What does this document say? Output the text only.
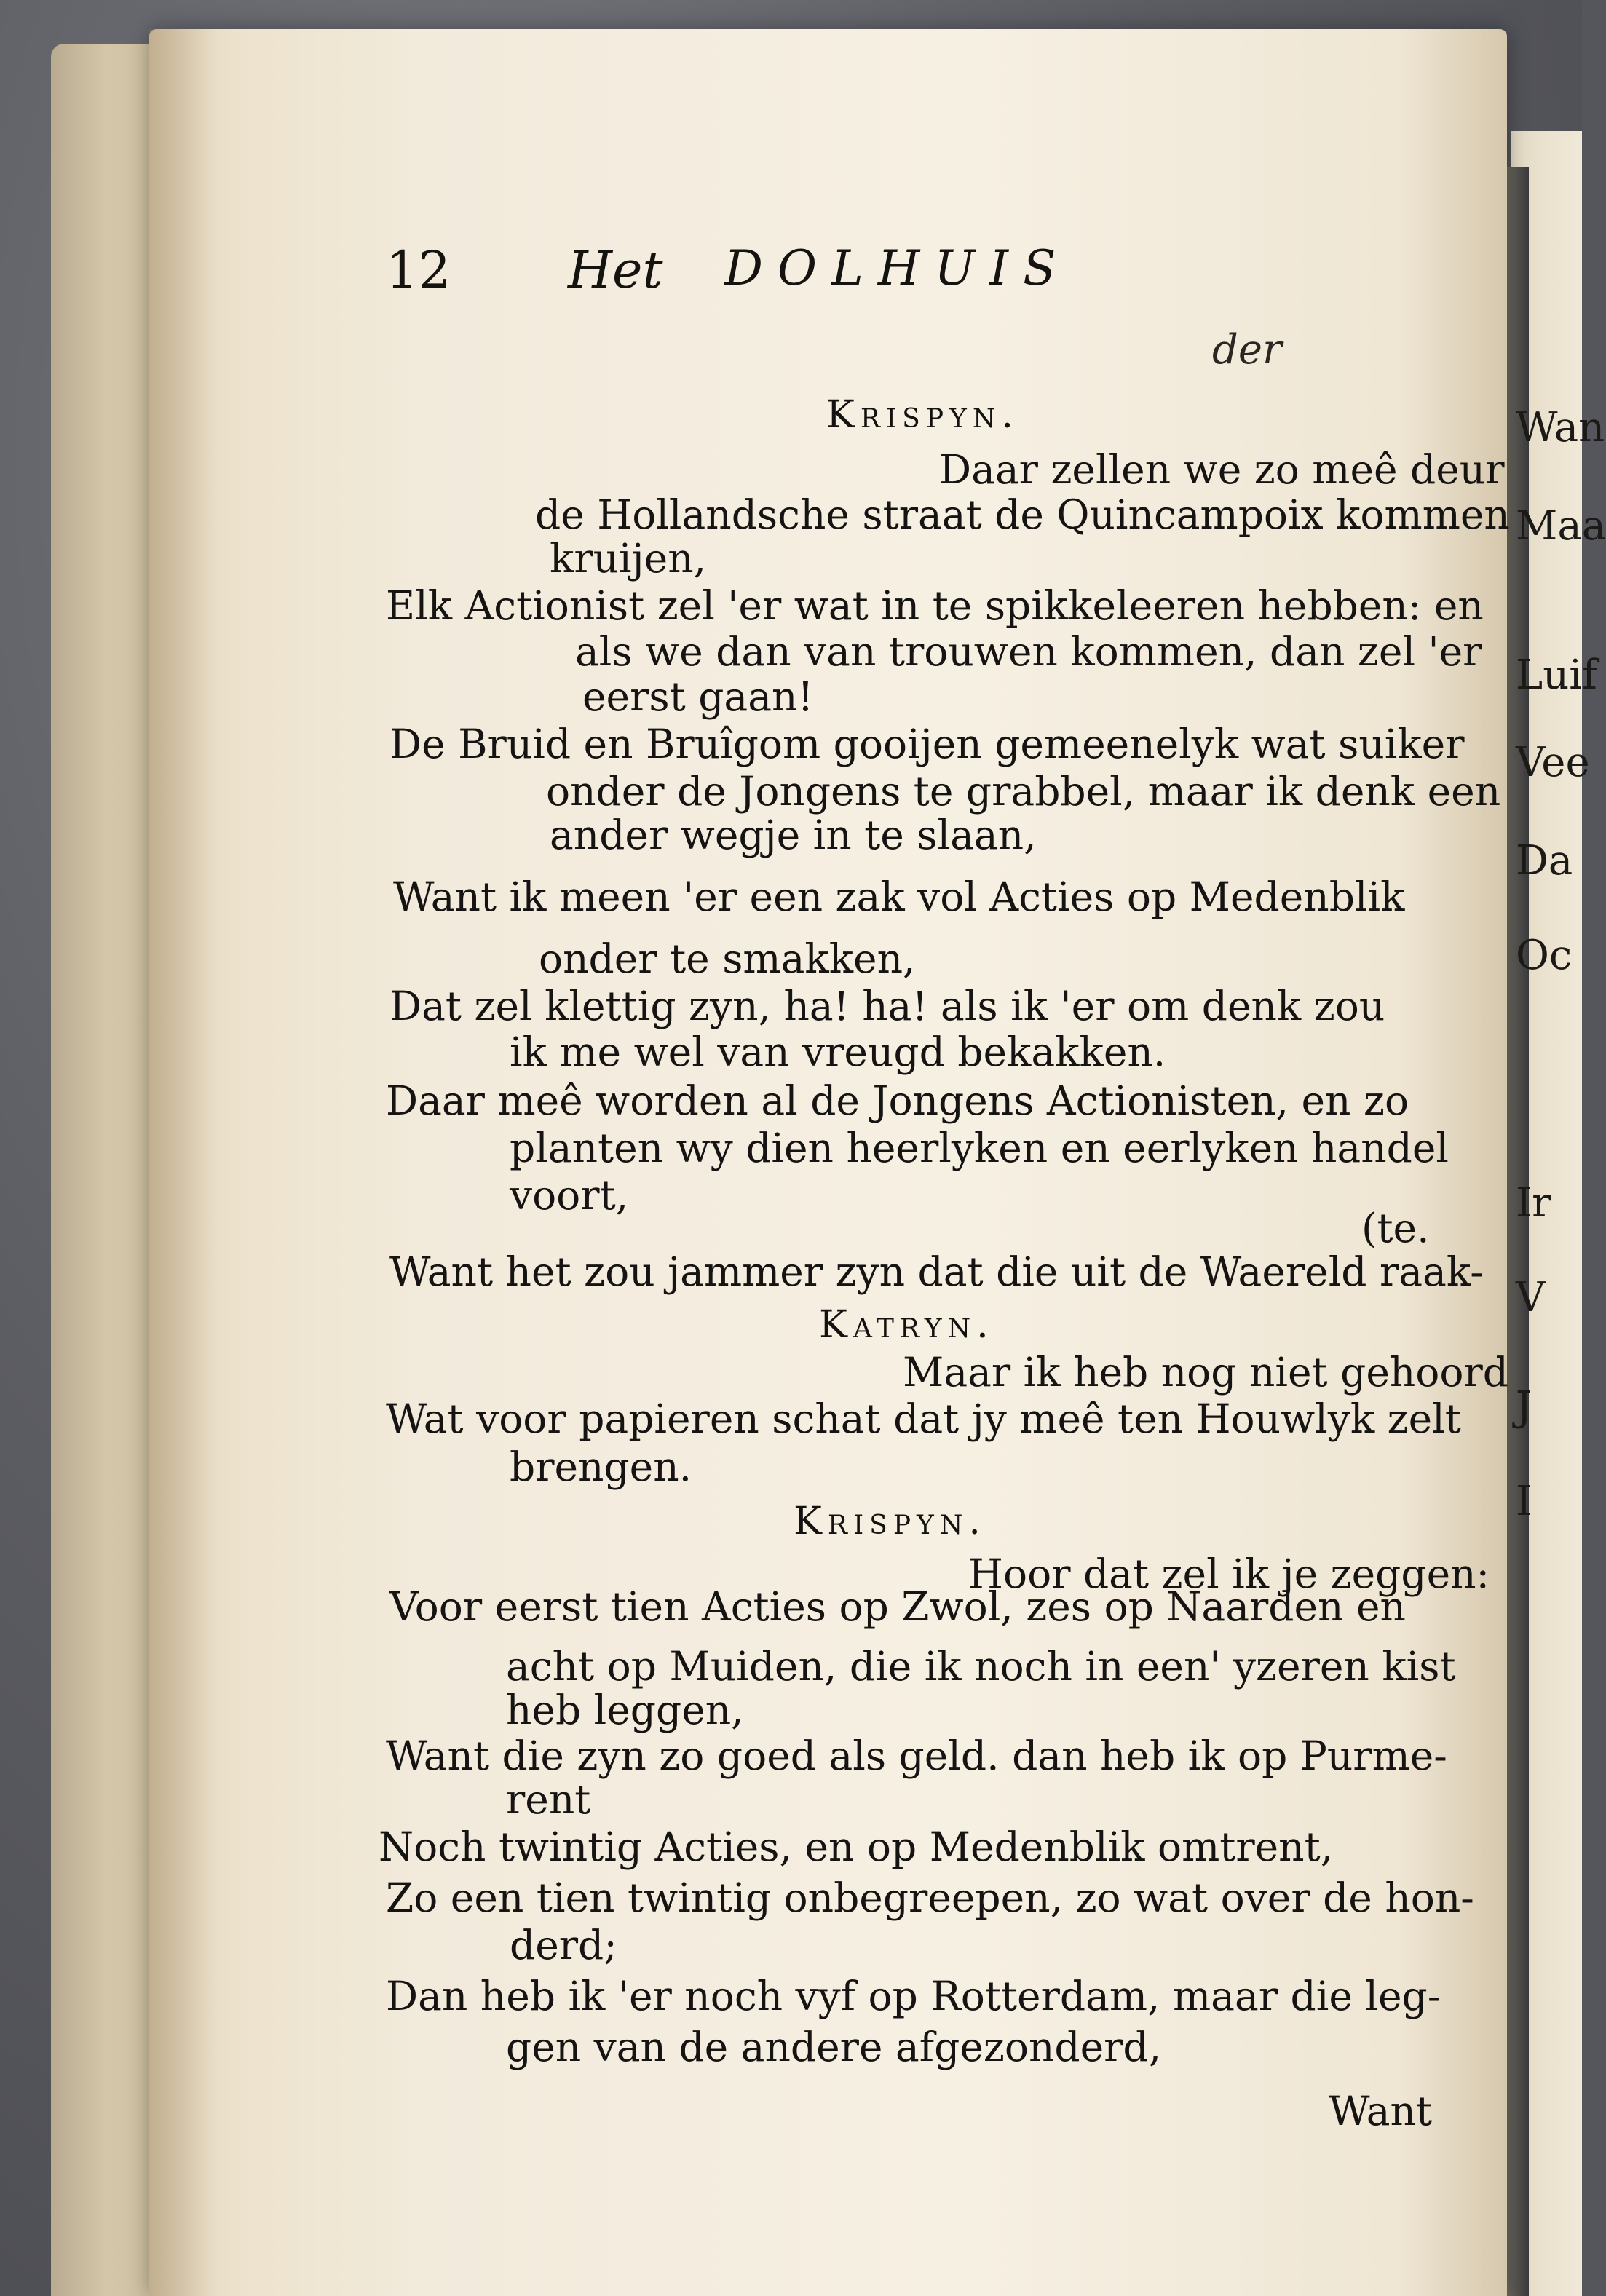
12 Het DOLHUIS
der
Krispyn.
Daar zellen we zo meê deur
de Hollandsche straat de Quincampoix kommen
kruijen,
Elk Actionist zel 'er wat in te spikkeleeren hebben: en
als we dan van trouwen kommen, dan zel 'er
eerst gaan!
De Bruid en Bruîgom gooijen gemeenelyk wat suiker
onder de Jongens te grabbel, maar ik denk een
ander wegje in te slaan,
Want ik meen 'er een zak vol Acties op Medenblik
onder te smakken,
Dat zel klettig zyn, ha! ha! als ik 'er om denk zou
ik me wel van vreugd bekakken.
Daar meê worden al de Jongens Actionisten, en zo
planten wy dien heerlyken en eerlyken handel
voort,
(te.
Want het zou jammer zyn dat die uit de Waereld raak-
Katryn.
Maar ik heb nog niet gehoord
Wat voor papieren schat dat jy meê ten Houwlyk zelt
brengen.
Krispyn.
Hoor dat zel ik je zeggen:
Voor eerst tien Acties op Zwol, zes op Naarden en
acht op Muiden, die ik noch in een' yzeren kist
heb leggen,
Want die zyn zo goed als geld. dan heb ik op Purme-
rent
Noch twintig Acties, en op Medenblik omtrent,
Zo een tien twintig onbegreepen, zo wat over de hon-
derd;
Dan heb ik 'er noch vyf op Rotterdam, maar die leg-
gen van de andere afgezonderd,
Want
Wan
Maa
Luif
Vee
Da
Oc
Ir
V
J
I
